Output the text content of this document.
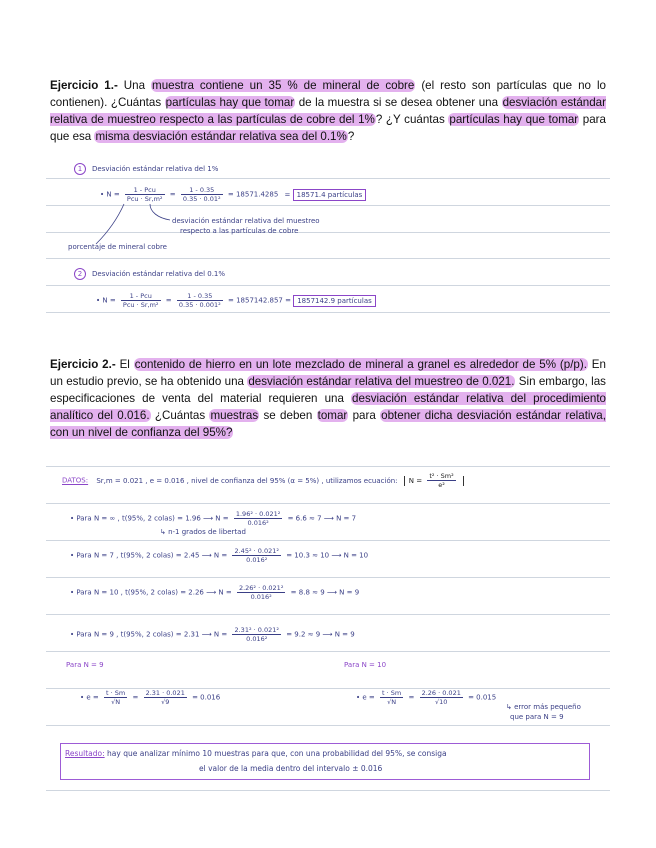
Ejercicio 1.- Una muestra contiene un 35 % de mineral de cobre (el resto son partículas que no lo contienen). ¿Cuántas partículas hay que tomar de la muestra si se desea obtener una desviación estándar relativa de muestreo respecto a las partículas de cobre del 1%? ¿Y cuántas partículas hay que tomar para que esa misma desviación estándar relativa sea del 0.1%?
1 Desviación estándar relativa del 1%
• $N = \frac{\text{1 - Pcu}}{\text{Pcu · Sr,m²}} = \frac{1 - 0.35}{\text{0.35 · 0.01²}} = 18571.4285 = 18571.4$ partículas
desviación estándar relativa del muestreo
respecto a las partículas de cobre
porcentaje de mineral cobre
2 Desviación estándar relativa del 0.1%
• $N = \frac{\text{1 - Pcu}}{\text{Pcu · Sr,m²}} = \frac{1 - 0.35}{\text{0.35 · 0.001²}} = 1857142.857 = 1857142.9$ partículas
Ejercicio 2.- El contenido de hierro en un lote mezclado de mineral a granel es alrededor de 5% (p/p). En un estudio previo, se ha obtenido una desviación estándar relativa del muestreo de 0.021. Sin embargo, las especificaciones de venta del material requieren una desviación estándar relativa del procedimiento analítico del 0.016. ¿Cuántas muestras se deben tomar para obtener dicha desviación estándar relativa, con un nivel de confianza del 95%?
DATOS: Sr,m = 0.021 , e = 0.016 , nivel de confianza del 95% (α = 5%) , utilizamos ecuación: $N = \frac{\text{t² · Sm²}}{\text{e²}}$
• Para N = ∞ , t(95%, 2 colas) = 1.96 ⟶ $N = \frac{\text{1.96² · 0.021²}}{\text{0.016²}} = 6.6 \approx 7$ ⟶ N = 7
↳ n-1 grados de libertad
• Para N = 7 , t(95%, 2 colas) = 2.45 ⟶ $N = \frac{\text{2.45² · 0.021²}}{\text{0.016²}} = 10.3 \approx 10$ ⟶ N = 10
• Para N = 10 , t(95%, 2 colas) = 2.26 ⟶ $N = \frac{\text{2.26² · 0.021²}}{\text{0.016²}} = 8.8 \approx 9$ ⟶ N = 9
• Para N = 9 , t(95%, 2 colas) = 2.31 ⟶ $N = \frac{\text{2.31² · 0.021²}}{\text{0.016²}} = 9.2 \approx 9$ ⟶ N = 9
Para N = 9
• $e = \frac{t \cdot Sm}{√N} = \frac{2.31 \cdot 0.021}{√9} = 0.016$
Para N = 10
• $e = \frac{t \cdot Sm}{√N} = \frac{2.26 \cdot 0.021}{√10} = 0.015$
↳ error más pequeño
que para N = 9
Resultado: hay que analizar mínimo 10 muestras para que, con una probabilidad del 95%, se consiga
el valor de la media dentro del intervalo ± 0.016
